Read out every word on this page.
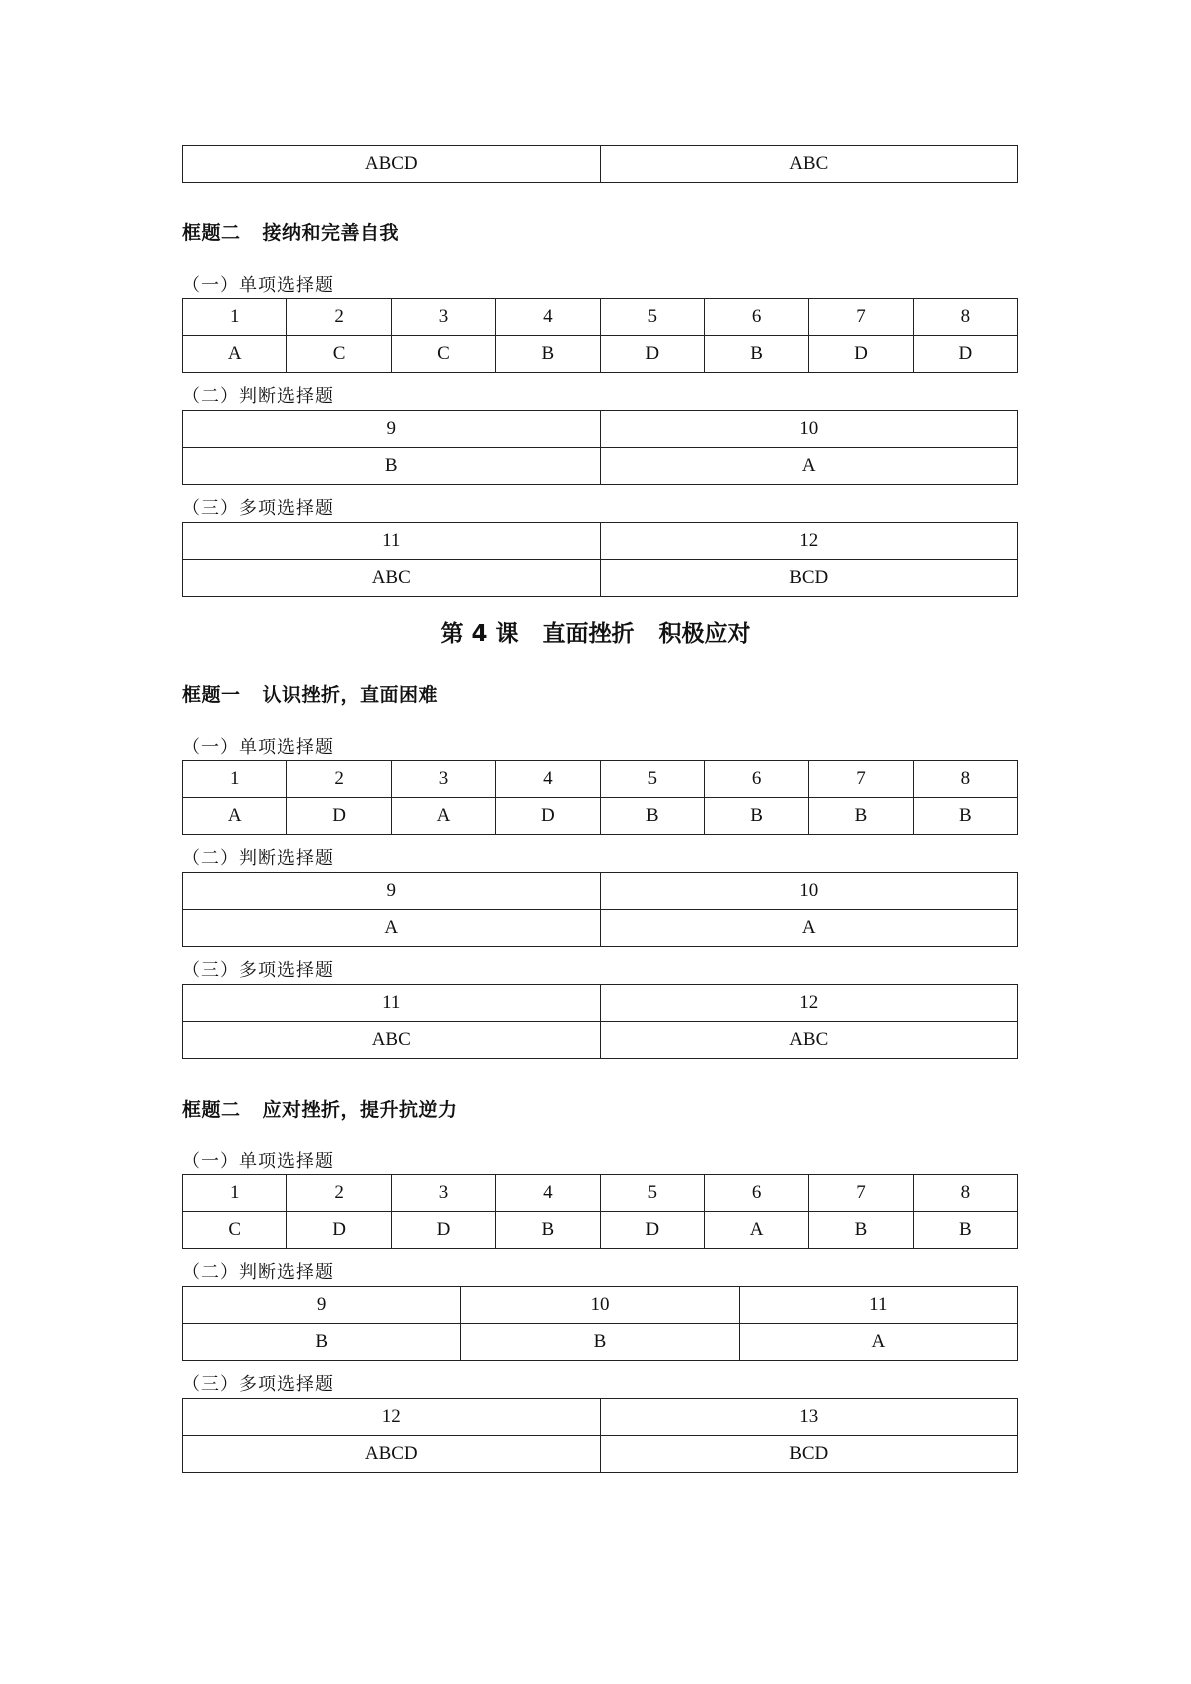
ABCD	ABC
框题二 接纳和完善自我
（一）单项选择题
1	2	3	4	5	6	7	8
A	C	C	B	D	B	D	D
（二）判断选择题
9	10
B	A
（三）多项选择题
11	12
ABC	BCD
第 4 课 直面挫折 积极应对
框题一 认识挫折，直面困难
（一）单项选择题
1	2	3	4	5	6	7	8
A	D	A	D	B	B	B	B
（二）判断选择题
9	10
A	A
（三）多项选择题
11	12
ABC	ABC
框题二 应对挫折，提升抗逆力
（一）单项选择题
1	2	3	4	5	6	7	8
C	D	D	B	D	A	B	B
（二）判断选择题
9	10	11
B	B	A
（三）多项选择题
12	13
ABCD	BCD
